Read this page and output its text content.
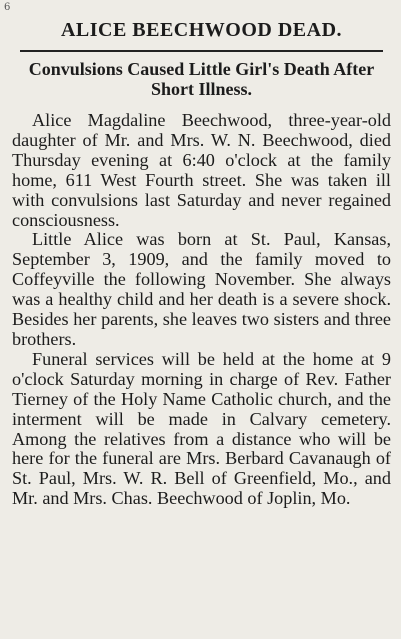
6
ALICE BEECHWOOD DEAD.
Convulsions Caused Little Girl's Death After Short Illness.

Alice Magdaline Beechwood, three-year-old daughter of Mr. and Mrs. W. N. Beechwood, died Thursday evening at 6:40 o'clock at the family home, 611 West Fourth street. She was taken ill with convulsions last Saturday and never regained consciousness.

Little Alice was born at St. Paul, Kansas, September 3, 1909, and the family moved to Coffeyville the following November. She always was a healthy child and her death is a severe shock. Besides her parents, she leaves two sisters and three brothers.

Funeral services will be held at the home at 9 o'clock Saturday morning in charge of Rev. Father Tierney of the Holy Name Catholic church, and the interment will be made in Calvary cemetery. Among the relatives from a distance who will be here for the funeral are Mrs. Berbard Cavanaugh of St. Paul, Mrs. W. R. Bell of Greenfield, Mo., and Mr. and Mrs. Chas. Beechwood of Joplin, Mo.
